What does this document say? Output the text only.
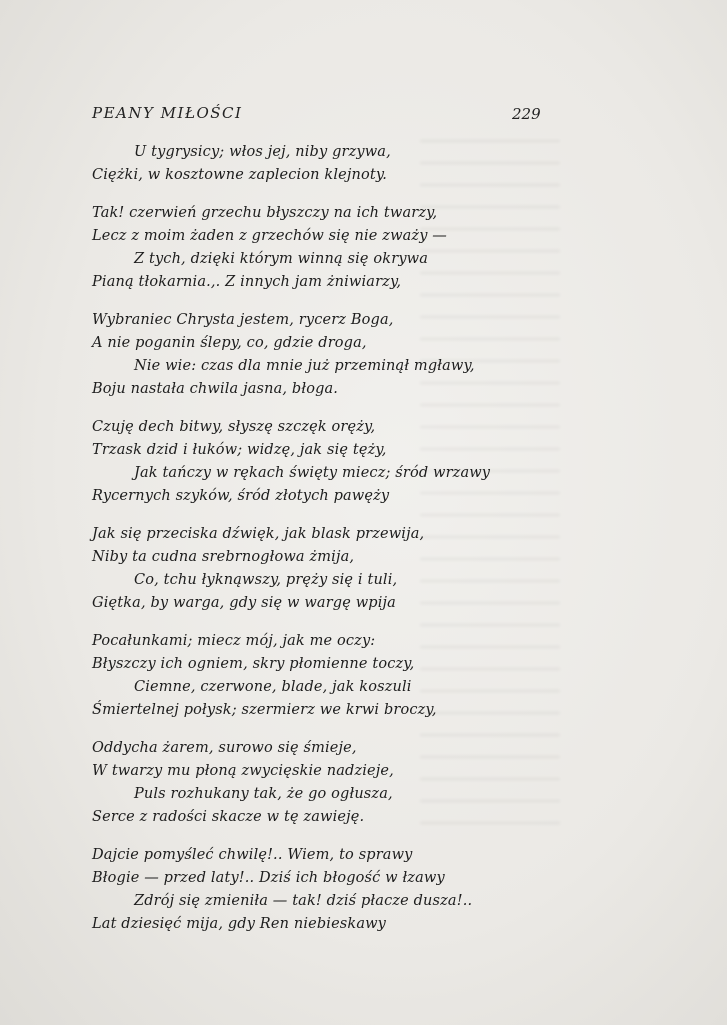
PEANY MIŁOŚCI	229
U tygrysicy; włos jej, niby grzywa,
Ciężki, w kosztowne zaplecion klejnoty.
Tak! czerwień grzechu błyszczy na ich twarzy,
Lecz z moim żaden z grzechów się nie zważy —
Z tych, dzięki którym winną się okrywa
Pianą tłokarnia.,. Z innych jam żniwiarzy,
Wybraniec Chrysta jestem, rycerz Boga,
A nie poganin ślepy, co, gdzie droga,
Nie wie: czas dla mnie już przeminął mgławy,
Boju nastała chwila jasna, błoga.
Czuję dech bitwy, słyszę szczęk oręży,
Trzask dzid i łuków; widzę, jak się tęży,
Jak tańczy w rękach święty miecz; śród wrzawy
Rycernych szyków, śród złotych pawęży
Jak się przeciska dźwięk, jak blask przewija,
Niby ta cudna srebrnogłowa żmija,
Co, tchu łyknąwszy, pręży się i tuli,
Giętka, by warga, gdy się w wargę wpija
Pocałunkami; miecz mój, jak me oczy:
Błyszczy ich ogniem, skry płomienne toczy,
Ciemne, czerwone, blade, jak koszuli
Śmiertelnej połysk; szermierz we krwi broczy,
Oddycha żarem, surowo się śmieje,
W twarzy mu płoną zwycięskie nadzieje,
Puls rozhukany tak, że go ogłusza,
Serce z radości skacze w tę zawieję.
Dajcie pomyśleć chwilę!.. Wiem, to sprawy
Błogie — przed laty!.. Dziś ich błogość w łzawy
Zdrój się zmieniła — tak! dziś płacze dusza!..
Lat dziesięć mija, gdy Ren niebieskawy
